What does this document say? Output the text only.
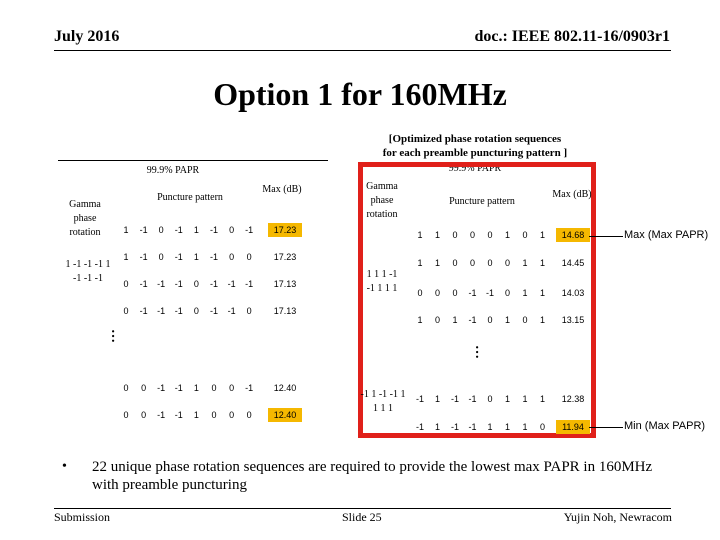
July 2016	doc.: IEEE 802.11-16/0903r1
Option 1 for 160MHz
[Optimized phase rotation sequences
for each preamble puncturing pattern ]
99.9% PAPR
99.9% PAPR
Gamma phase rotation
Puncture pattern
Max (dB)
1 -1 -1 -1 1 -1 -1 -1
…
1	-1	0	-1	1	-1	0	-1	17.23
1	-1	0	-1	1	-1	0	0	17.23
0	-1	-1	-1	0	-1	-1	-1	17.13
0	-1	-1	-1	0	-1	-1	0	17.13
0	0	-1	-1	1	0	0	-1	12.40
0	0	-1	-1	1	0	0	0	12.40
Gamma phase rotation
Puncture pattern
Max (dB)
1 1 1 -1 -1 1 1 1
-1 1 -1 -1 1 1 1 1
…
1	1	0	0	0	1	0	1	14.68
1	1	0	0	0	0	1	1	14.45
0	0	0	-1	-1	0	1	1	14.03
1	0	1	-1	0	1	0	1	13.15
-1	1	-1	-1	0	1	1	1	12.38
-1	1	-1	-1	1	1	1	0	11.94
Max (Max PAPR)
Min (Max PAPR)
• 22 unique phase rotation sequences are required to provide the lowest max PAPR in 160MHz with preamble puncturing
Submission	Slide 25	Yujin Noh, Newracom
